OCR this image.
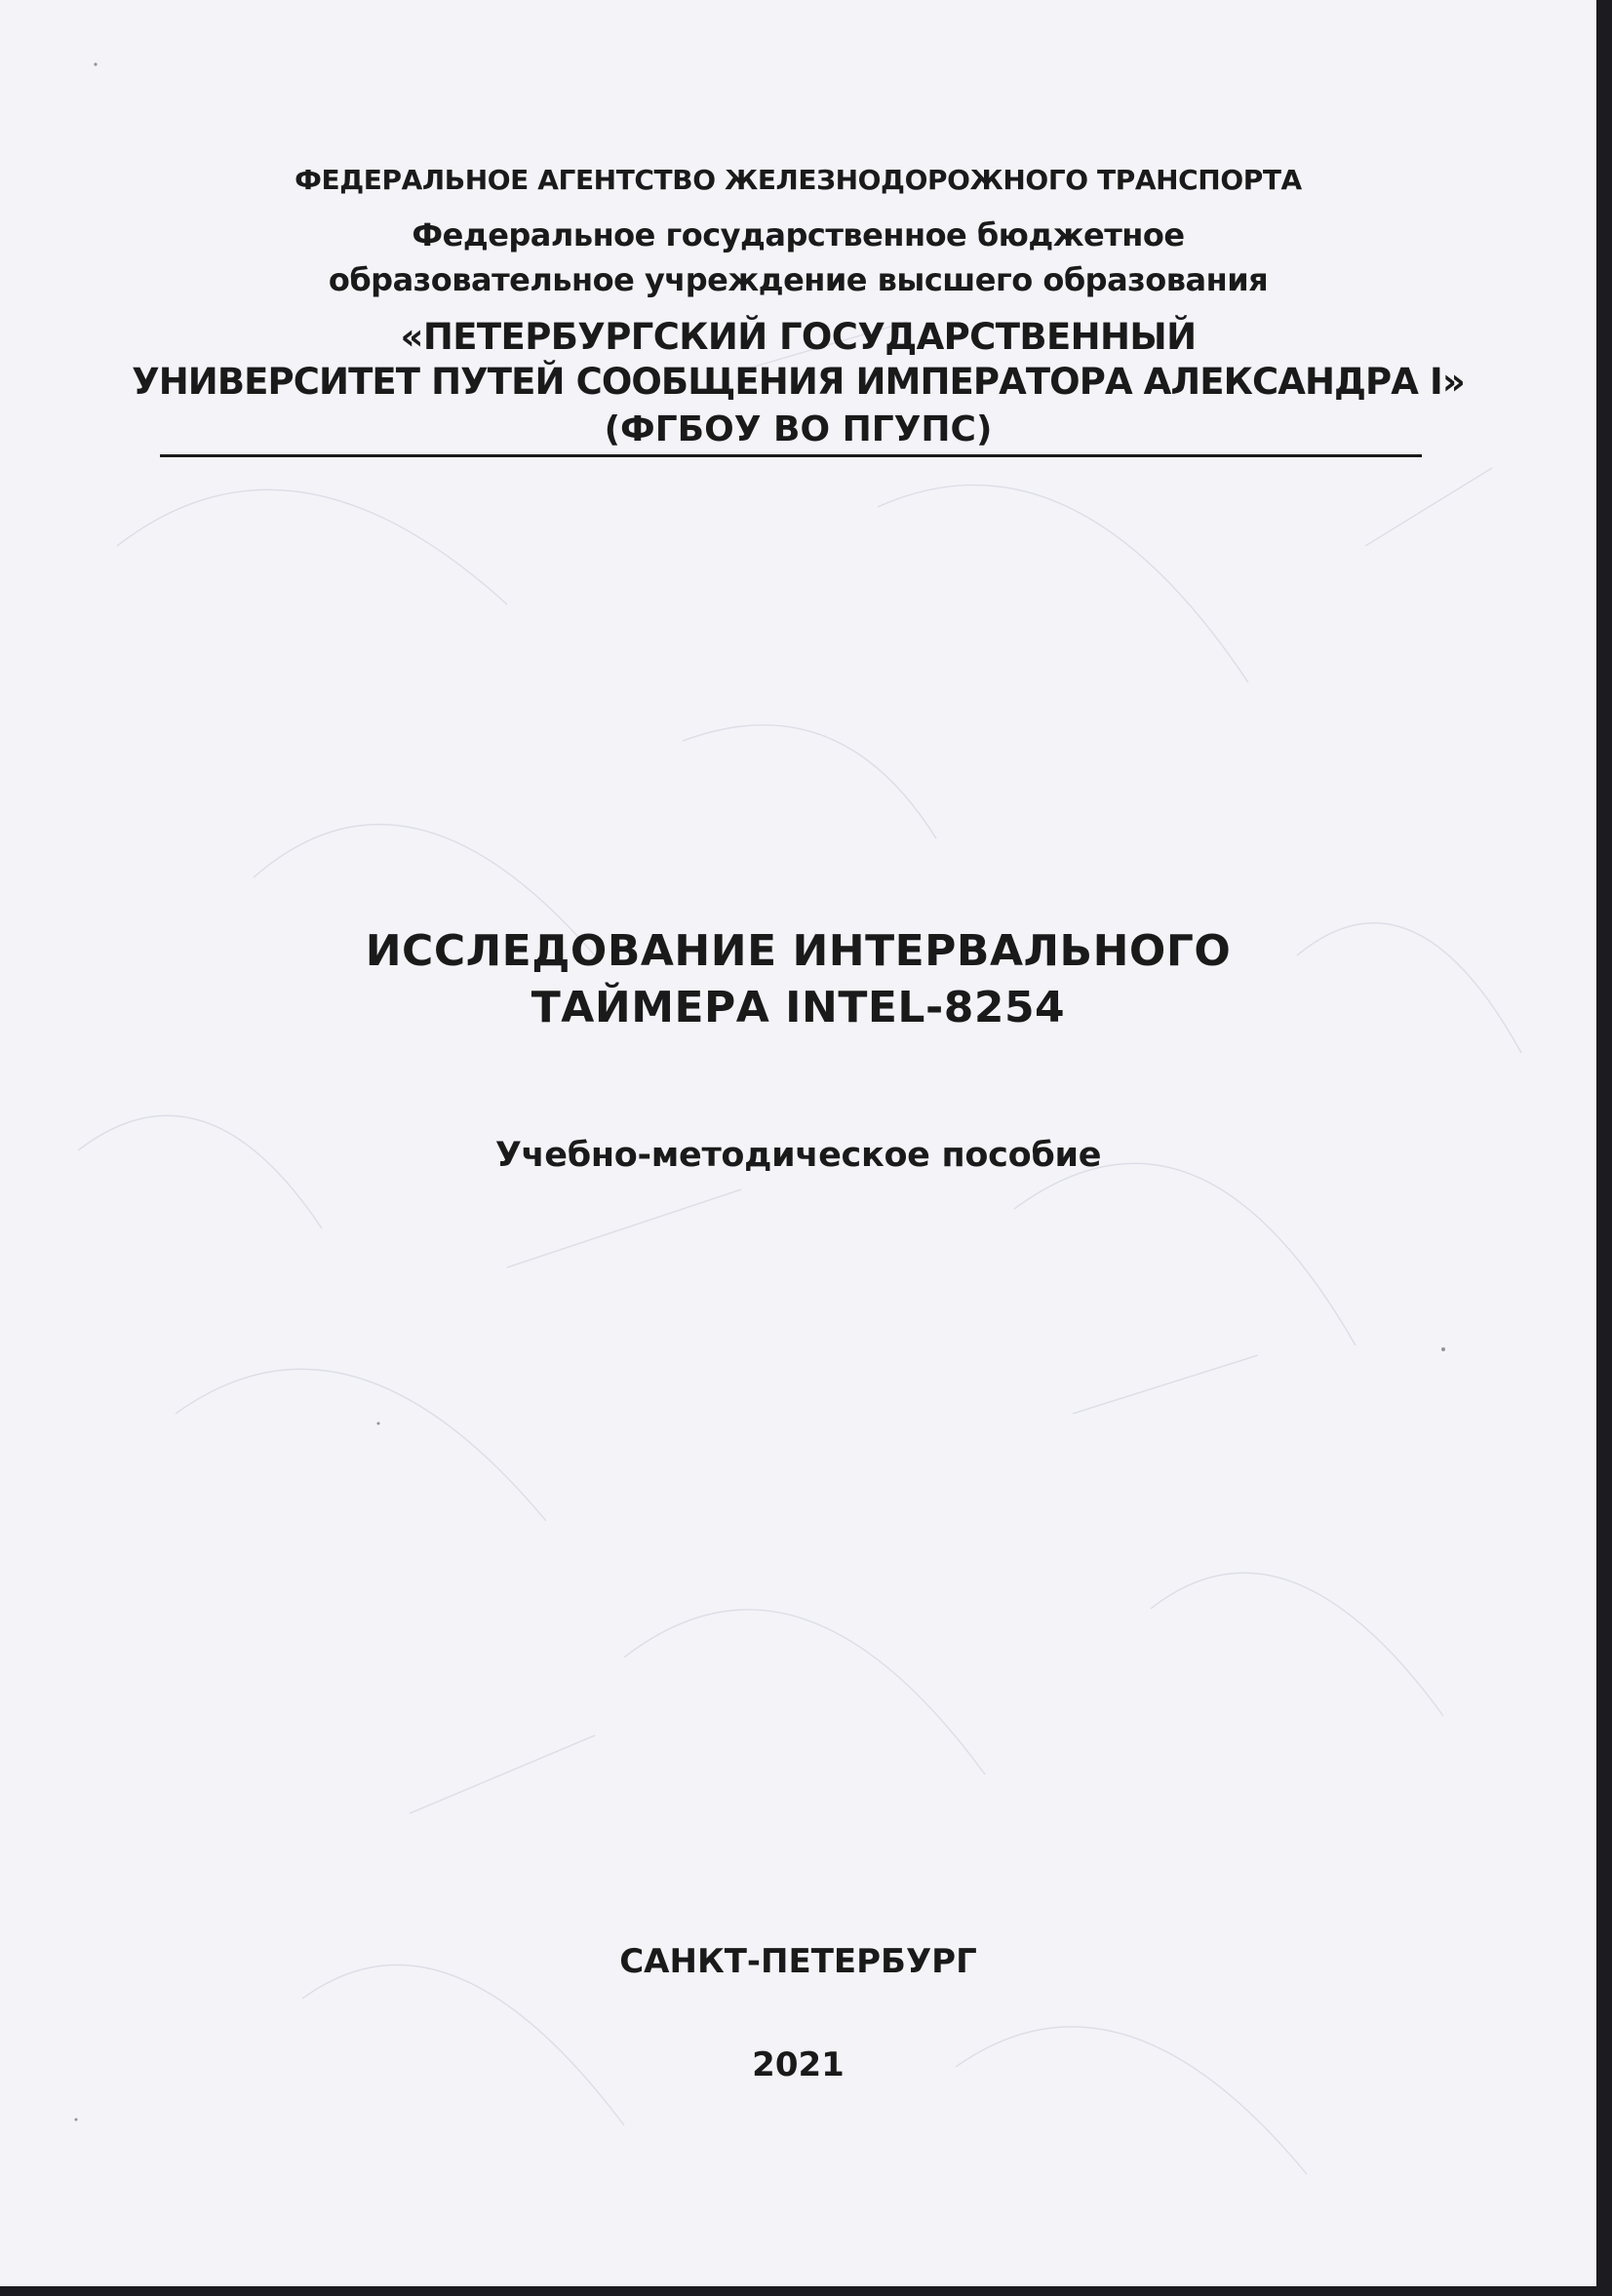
ФЕДЕРАЛЬНОЕ АГЕНТСТВО ЖЕЛЕЗНОДОРОЖНОГО ТРАНСПОРТА
Федеральное государственное бюджетное
образовательное учреждение высшего образования
«ПЕТЕРБУРГСКИЙ ГОСУДАРСТВЕННЫЙ
УНИВЕРСИТЕТ ПУТЕЙ СООБЩЕНИЯ ИМПЕРАТОРА АЛЕКСАНДРА I»
(ФГБОУ ВО ПГУПС)
ИССЛЕДОВАНИЕ ИНТЕРВАЛЬНОГО
ТАЙМЕРА INTEL-8254
Учебно-методическое пособие
САНКТ-ПЕТЕРБУРГ
2021
